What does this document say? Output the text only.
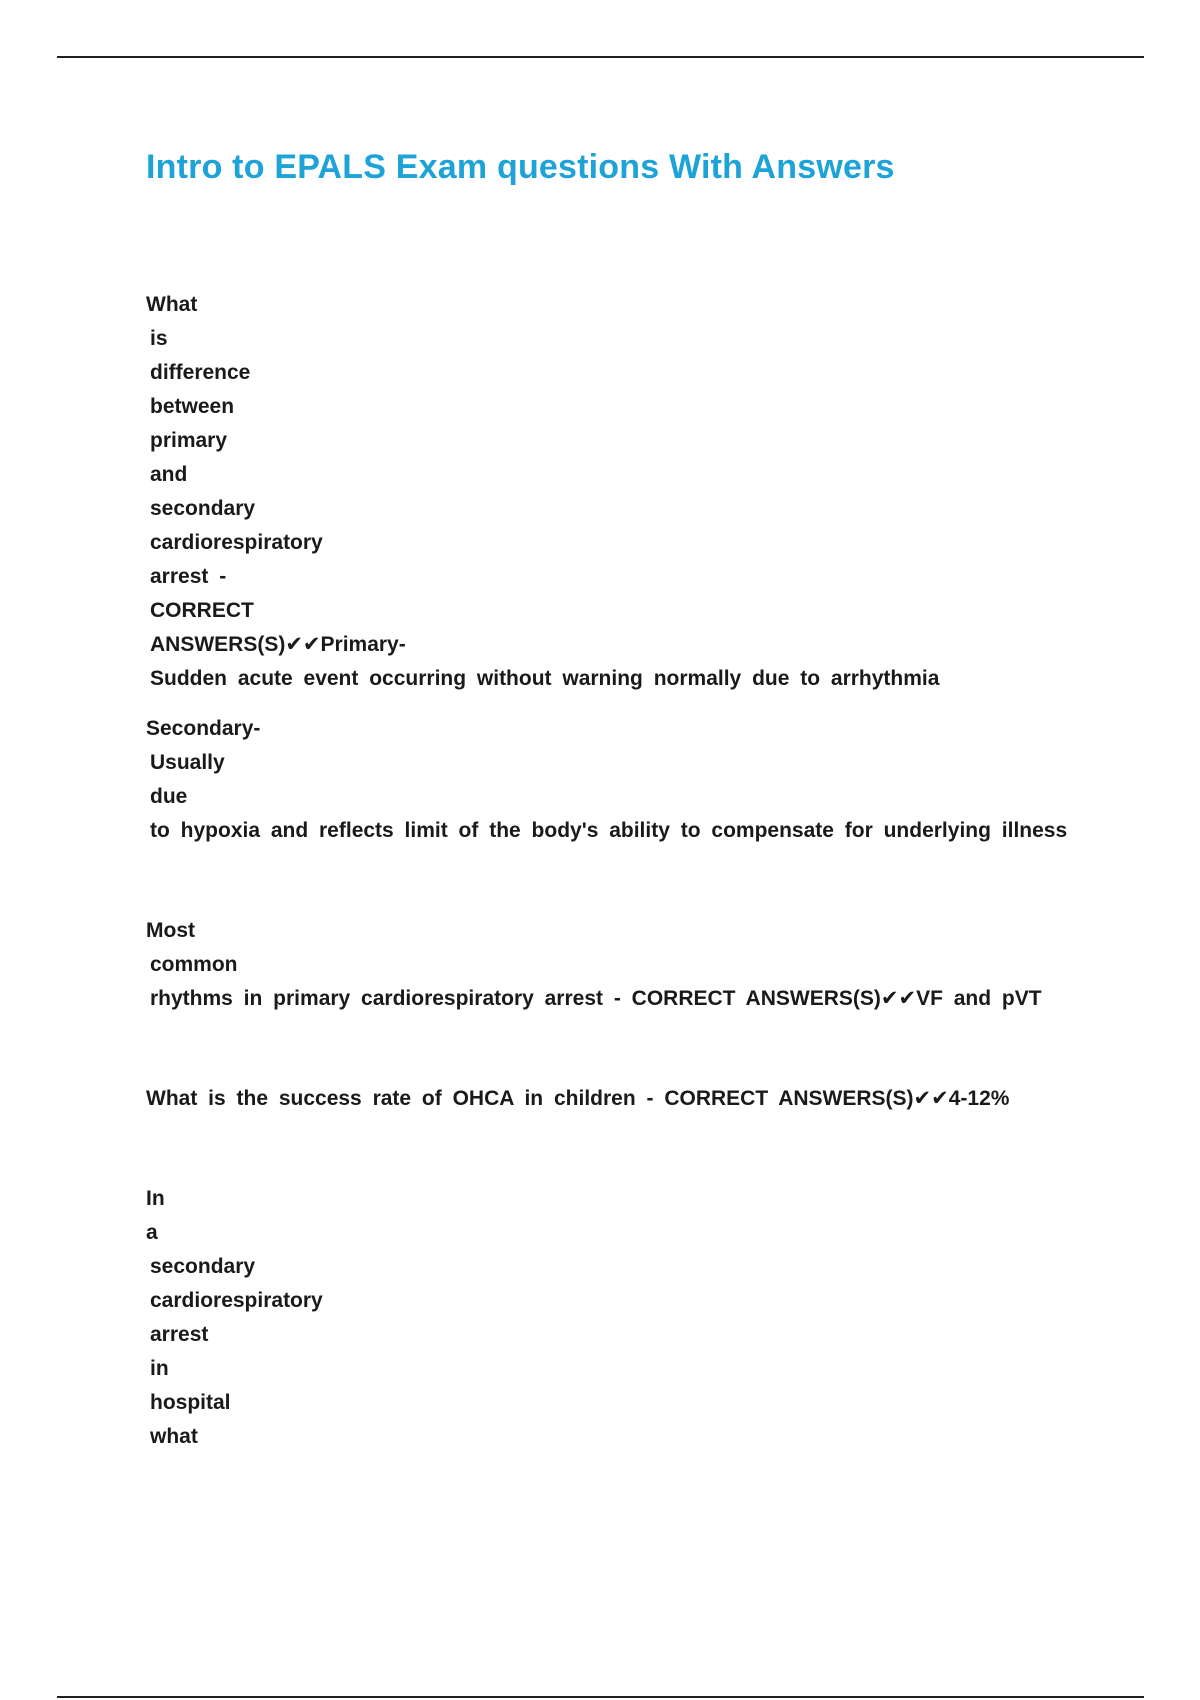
Intro to EPALS Exam questions With Answers
What
is
difference
between
primary
and
secondary
cardiorespiratory
arrest -
CORRECT
ANSWERS(S)✔✔Primary-
Sudden acute event occurring without warning normally due to arrhythmia
Secondary-
Usually
due
to hypoxia and reflects limit of the body's ability to compensate for underlying illness
Most
common
rhythms in primary cardiorespiratory arrest - CORRECT ANSWERS(S)✔✔VF and pVT
What is the success rate of OHCA in children - CORRECT ANSWERS(S)✔✔4-12%
In
a
secondary
cardiorespiratory
arrest
in
hospital
what
